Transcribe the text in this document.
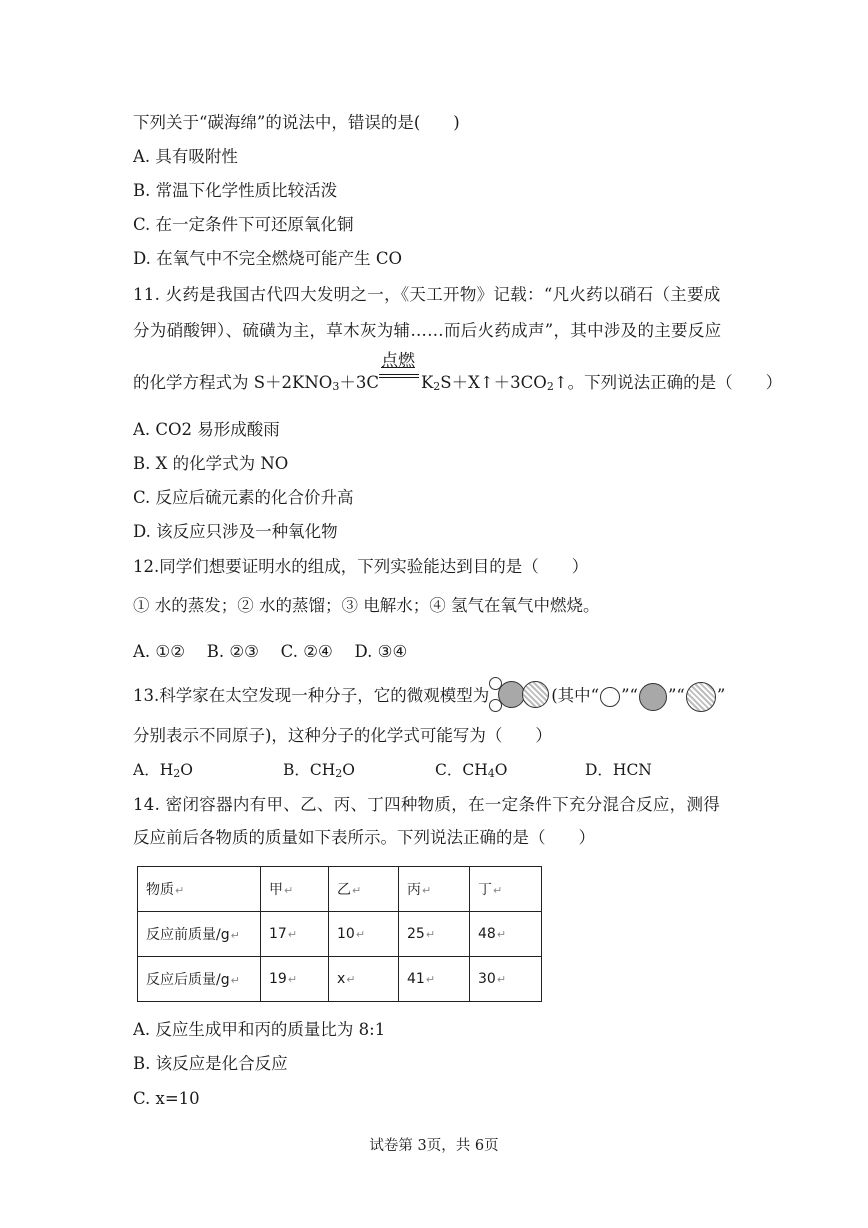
下列关于“碳海绵”的说法中，错误的是(　　)
A. 具有吸附性
B. 常温下化学性质比较活泼
C. 在一定条件下可还原氧化铜
D. 在氧气中不完全燃烧可能产生 CO
11. 火药是我国古代四大发明之一，《天工开物》记载：“凡火药以硝石（主要成
分为硝酸钾）、硫磺为主，草木灰为辅……而后火药成声”，其中涉及的主要反应
的化学方程式为 S＋2KNO3＋3C
点燃
K2S＋X↑＋3CO2↑。下列说法正确的是（　　）
A. CO2 易形成酸雨
B. X 的化学式为 NO
C. 反应后硫元素的化合价升高
D. 该反应只涉及一种氧化物
12.同学们想要证明水的组成，下列实验能达到目的是（　　）
① 水的蒸发；② 水的蒸馏；③ 电解水；④ 氢气在氧气中燃烧。
A. ①②　 B. ②③　 C. ②④　 D. ③④
13.科学家在太空发现一种分子，它的微观模型为	(其中“ ”“ ”“ ”
分别表示不同原子)，这种分子的化学式可能写为（　　）
A．H2O	B．CH2O	C．CH4O	D．HCN
14. 密闭容器内有甲、乙、丙、丁四种物质，在一定条件下充分混合反应，测得
反应前后各物质的质量如下表所示。下列说法正确的是（　　）
物质↵	甲↵	乙↵	丙↵	丁↵
反应前质量/g↵	17↵	10↵	25↵	48↵
反应后质量/g↵	19↵	x↵	41↵	30↵
A. 反应生成甲和丙的质量比为 8:1
B. 该反应是化合反应
C. x=10
试卷第 3页，共 6页
